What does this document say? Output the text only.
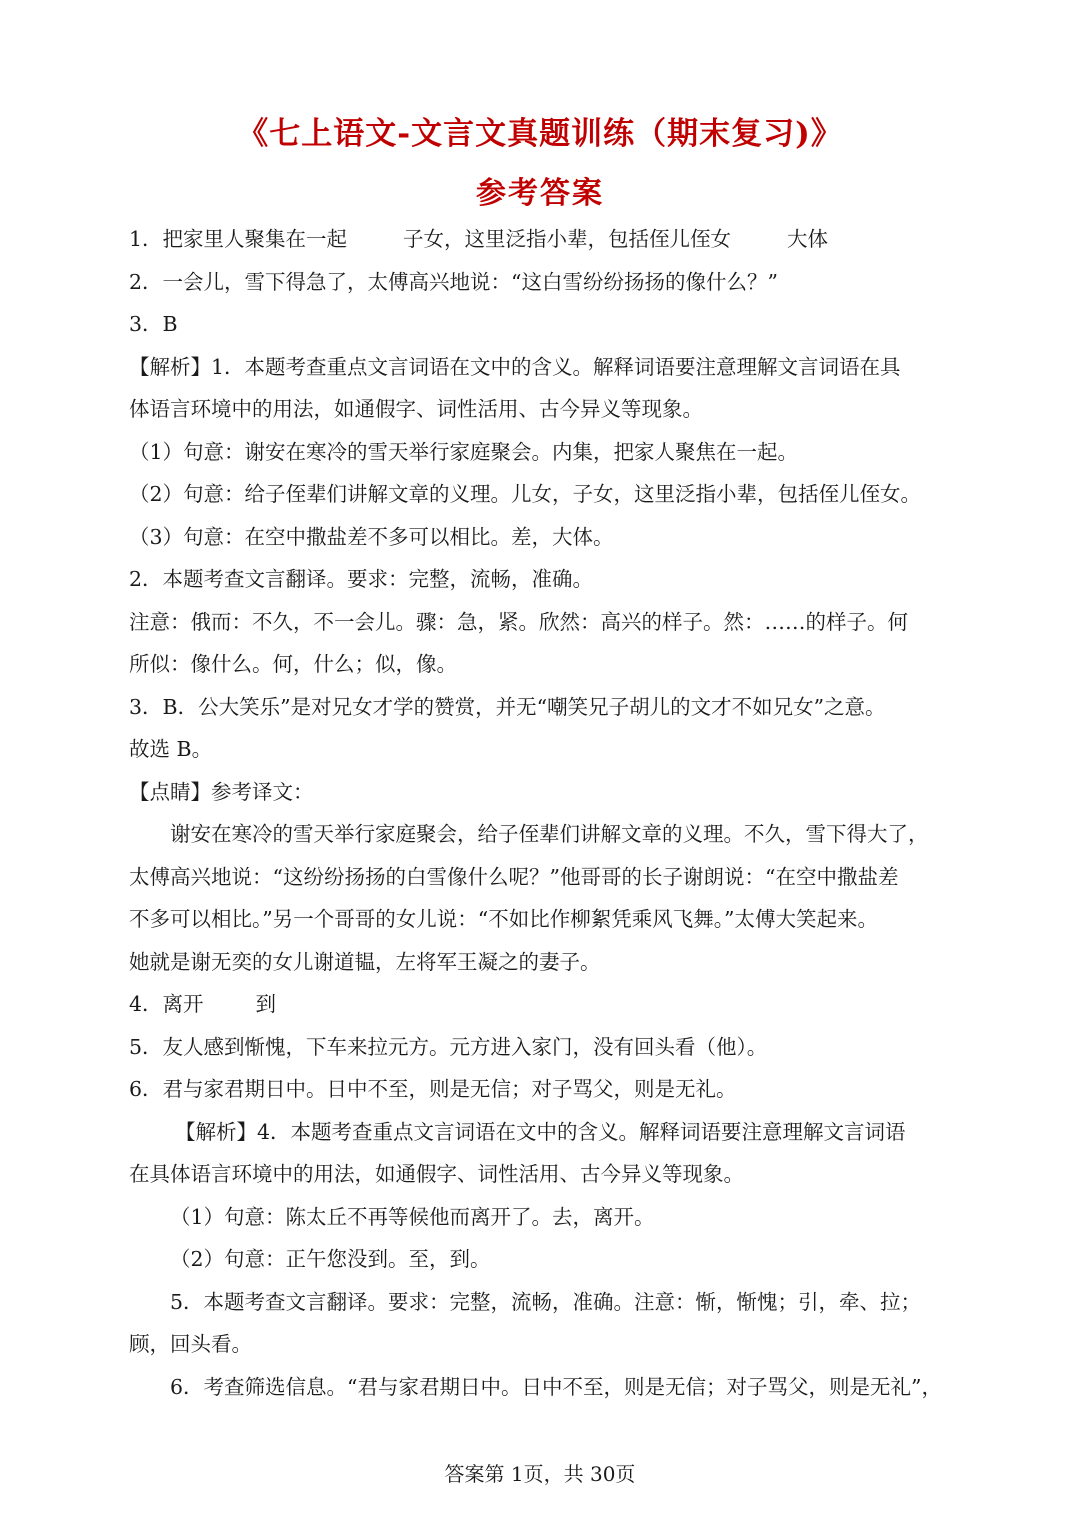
《七上语文-文言文真题训练（期末复习)》
参考答案
1．把家里人聚集在一起	子女，这里泛指小辈，包括侄儿侄女	大体
2．一会儿，雪下得急了，太傅高兴地说：“这白雪纷纷扬扬的像什么？”
3．B
【解析】1．本题考查重点文言词语在文中的含义。解释词语要注意理解文言词语在具
体语言环境中的用法，如通假字、词性活用、古今异义等现象。
（1）句意：谢安在寒冷的雪天举行家庭聚会。内集，把家人聚焦在一起。
（2）句意：给子侄辈们讲解文章的义理。儿女，子女，这里泛指小辈，包括侄儿侄女。
（3）句意：在空中撒盐差不多可以相比。差，大体。
2．本题考查文言翻译。要求：完整，流畅，准确。
注意：俄而：不久，不一会儿。骤：急，紧。欣然：高兴的样子。然：……的样子。何
所似：像什么。何，什么；似，像。
3．B．公大笑乐”是对兄女才学的赞赏，并无“嘲笑兄子胡儿的文才不如兄女”之意。
故选 B。
【点睛】参考译文：
谢安在寒冷的雪天举行家庭聚会，给子侄辈们讲解文章的义理。不久，雪下得大了，
太傅高兴地说：“这纷纷扬扬的白雪像什么呢？”他哥哥的长子谢朗说：“在空中撒盐差
不多可以相比。”另一个哥哥的女儿说：“不如比作柳絮凭乘风飞舞。”太傅大笑起来。
她就是谢无奕的女儿谢道韫，左将军王凝之的妻子。
4．离开	到
5．友人感到惭愧，下车来拉元方。元方进入家门，没有回头看（他）。
6．君与家君期日中。日中不至，则是无信；对子骂父，则是无礼。
【解析】4．本题考查重点文言词语在文中的含义。解释词语要注意理解文言词语
在具体语言环境中的用法，如通假字、词性活用、古今异义等现象。
（1）句意：陈太丘不再等候他而离开了。去，离开。
（2）句意：正午您没到。至，到。
5．本题考查文言翻译。要求：完整，流畅，准确。注意：惭，惭愧；引，牵、拉；
顾，回头看。
6．考查筛选信息。“君与家君期日中。日中不至，则是无信；对子骂父，则是无礼”，
答案第 1页，共 30页
